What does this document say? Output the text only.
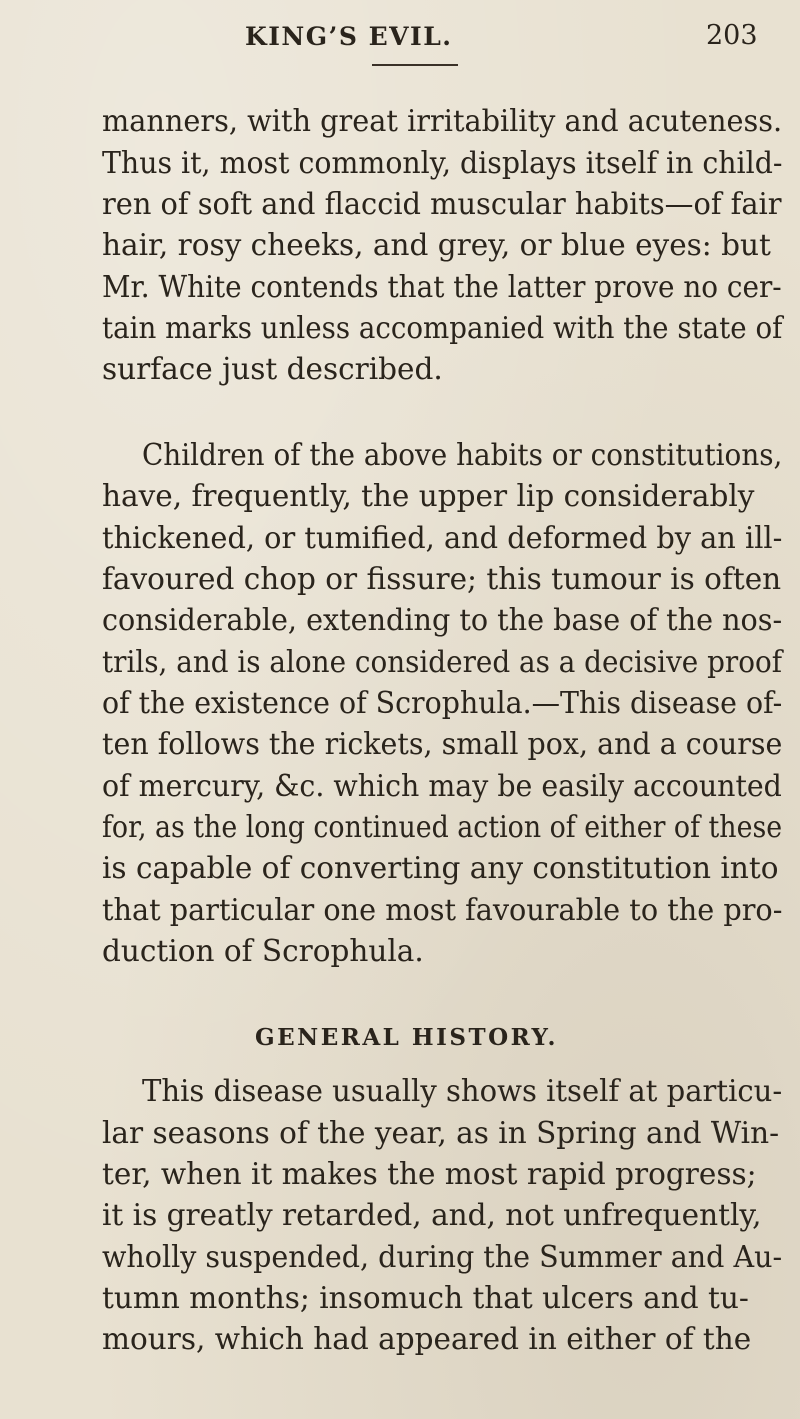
KING’S EVIL.	203
manners, with great irritability and acuteness.
Thus it, most commonly, displays itself in child-
ren of soft and flaccid muscular habits—of fair
hair, rosy cheeks, and grey, or blue eyes: but
Mr. White contends that the latter prove no cer-
tain marks unless accompanied with the state of
surface just described.
Children of the above habits or constitutions,
have, frequently, the upper lip considerably
thickened, or tumified, and deformed by an ill-
favoured chop or fissure; this tumour is often
considerable, extending to the base of the nos-
trils, and is alone considered as a decisive proof
of the existence of Scrophula.—This disease of-
ten follows the rickets, small pox, and a course
of mercury, &c. which may be easily accounted
for, as the long continued action of either of these
is capable of converting any constitution into
that particular one most favourable to the pro-
duction of Scrophula.
GENERAL HISTORY.
This disease usually shows itself at particu-
lar seasons of the year, as in Spring and Win-
ter, when it makes the most rapid progress;
it is greatly retarded, and, not unfrequently,
wholly suspended, during the Summer and Au-
tumn months; insomuch that ulcers and tu-
mours, which had appeared in either of the
